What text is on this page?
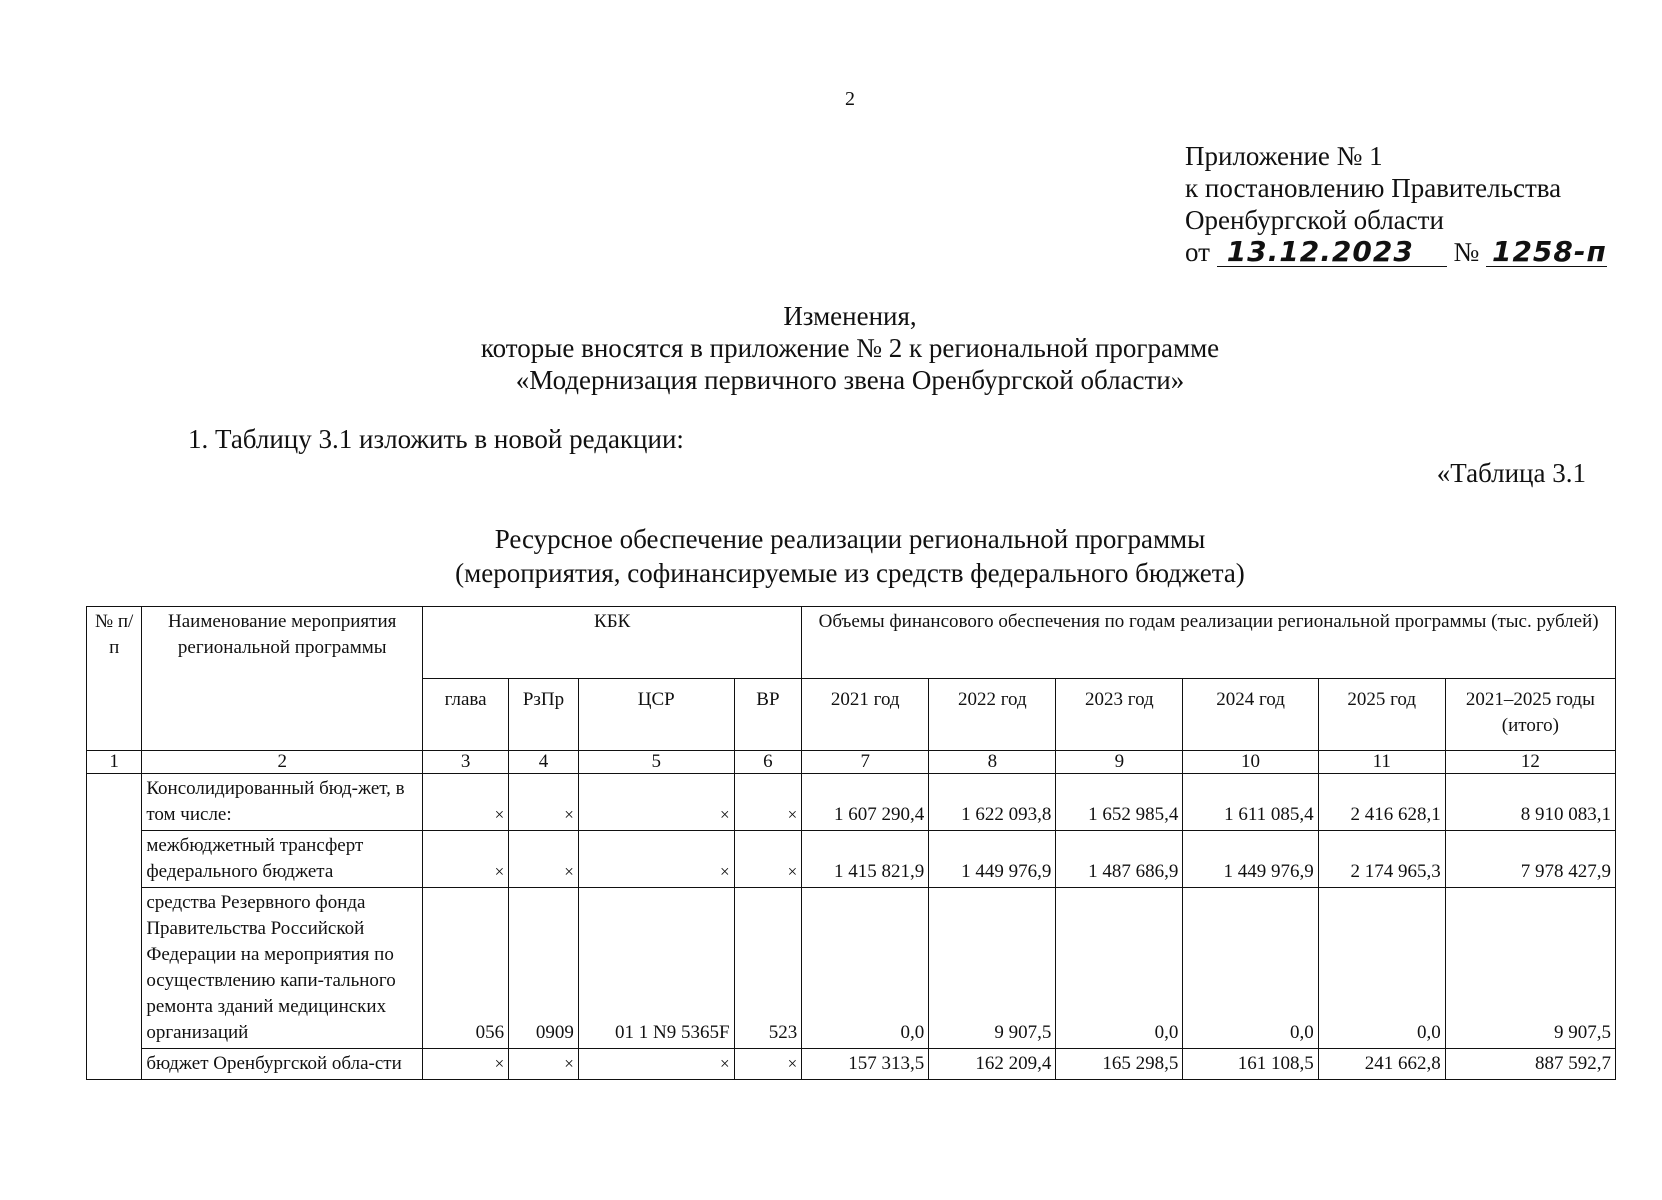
2
Приложение № 1
к постановлению Правительства
Оренбургской области
от 13.12.2023 № 1258-п
Изменения,
которые вносятся в приложение № 2 к региональной программе
«Модернизация первичного звена Оренбургской области»
1. Таблицу 3.1 изложить в новой редакции:
«Таблица 3.1
Ресурсное обеспечение реализации региональной программы
(мероприятия, софинансируемые из средств федерального бюджета)
№ п/п	Наименование мероприятия региональной программы	КБК				Объемы финансового обеспечения по годам реализации региональной программы (тыс. рублей)					
		глава	РзПр	ЦСР	ВР	2021 год	2022 год	2023 год	2024 год	2025 год	2021–2025 годы (итого)
1	2	3	4	5	6	7	8	9	10	11	12
	Консолидированный бюд-жет, в том числе:	×	×	×	×	1 607 290,4	1 622 093,8	1 652 985,4	1 611 085,4	2 416 628,1	8 910 083,1
	межбюджетный трансферт федерального бюджета	×	×	×	×	1 415 821,9	1 449 976,9	1 487 686,9	1 449 976,9	2 174 965,3	7 978 427,9
	средства Резервного фонда Правительства Российской Федерации на мероприятия по осуществлению капи-тального ремонта зданий медицинских организаций	056	0909	01 1 N9 5365F	523	0,0	9 907,5	0,0	0,0	0,0	9 907,5
	бюджет Оренбургской обла-сти	×	×	×	×	157 313,5	162 209,4	165 298,5	161 108,5	241 662,8	887 592,7
